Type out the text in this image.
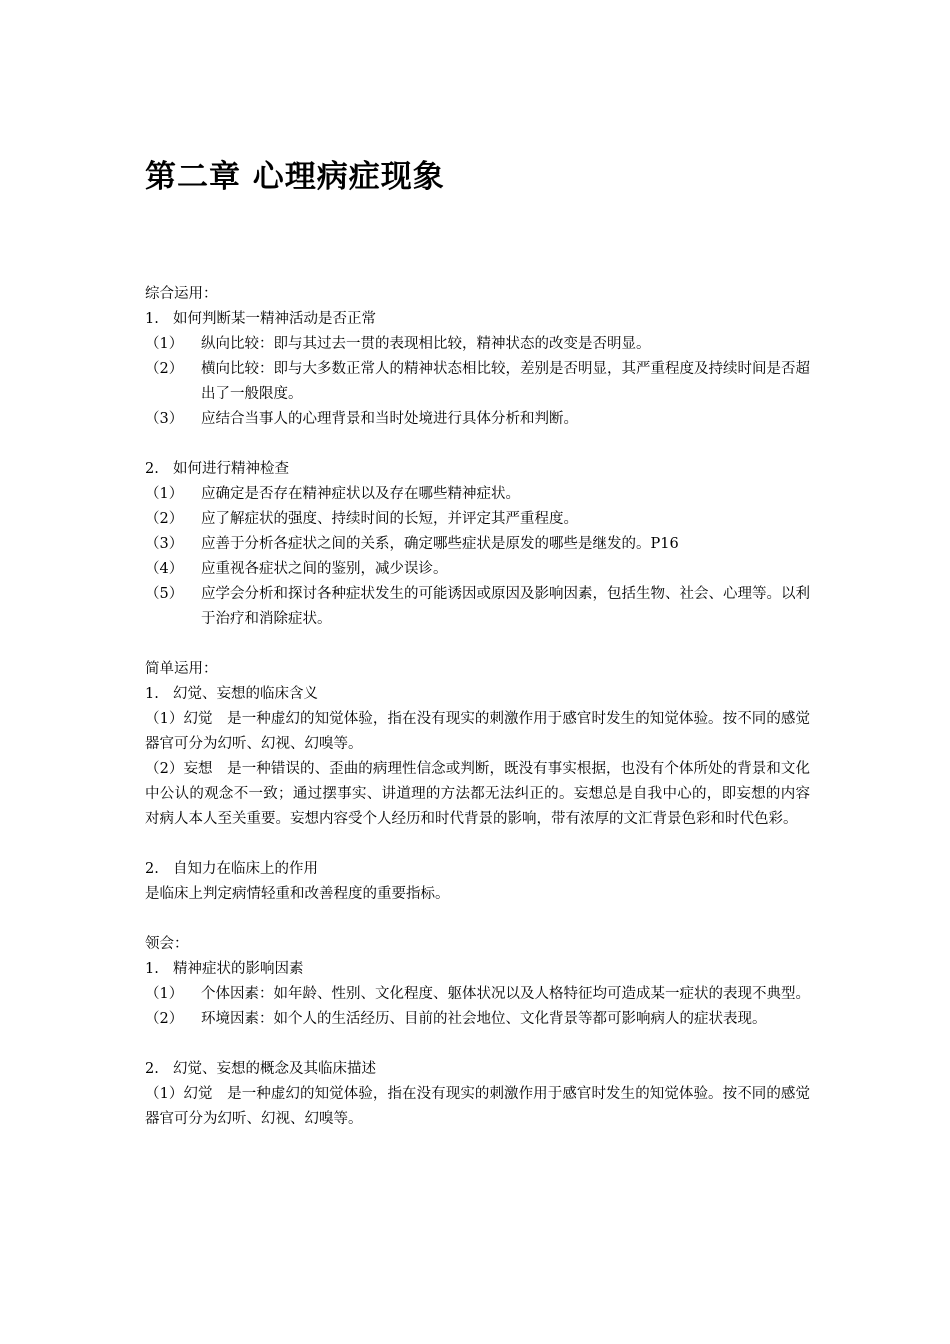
第二章 心理病症现象

综合运用：

1. 如何判断某一精神活动是否正常

（1）	纵向比较：即与其过去一贯的表现相比较，精神状态的改变是否明显。
（2）	横向比较：即与大多数正常人的精神状态相比较，差别是否明显，其严重程度及持续时间是否超出了一般限度。
（3）	应结合当事人的心理背景和当时处境进行具体分析和判断。

2. 如何进行精神检查

（1）	应确定是否存在精神症状以及存在哪些精神症状。
（2）	应了解症状的强度、持续时间的长短，并评定其严重程度。
（3）	应善于分析各症状之间的关系，确定哪些症状是原发的哪些是继发的。P16
（4）	应重视各症状之间的鉴别，减少误诊。
（5）	应学会分析和探讨各种症状发生的可能诱因或原因及影响因素，包括生物、社会、心理等。以利于治疗和消除症状。

简单运用：

1. 幻觉、妄想的临床含义

（1）幻觉　是一种虚幻的知觉体验，指在没有现实的刺激作用于感官时发生的知觉体验。按不同的感觉器官可分为幻听、幻视、幻嗅等。

（2）妄想　是一种错误的、歪曲的病理性信念或判断，既没有事实根据，也没有个体所处的背景和文化中公认的观念不一致；通过摆事实、讲道理的方法都无法纠正的。妄想总是自我中心的，即妄想的内容对病人本人至关重要。妄想内容受个人经历和时代背景的影响，带有浓厚的文汇背景色彩和时代色彩。

2. 自知力在临床上的作用

是临床上判定病情轻重和改善程度的重要指标。

领会：

1. 精神症状的影响因素

（1）	个体因素：如年龄、性别、文化程度、躯体状况以及人格特征均可造成某一症状的表现不典型。
（2）	环境因素：如个人的生活经历、目前的社会地位、文化背景等都可影响病人的症状表现。

2. 幻觉、妄想的概念及其临床描述

（1）幻觉　是一种虚幻的知觉体验，指在没有现实的刺激作用于感官时发生的知觉体验。按不同的感觉器官可分为幻听、幻视、幻嗅等。
